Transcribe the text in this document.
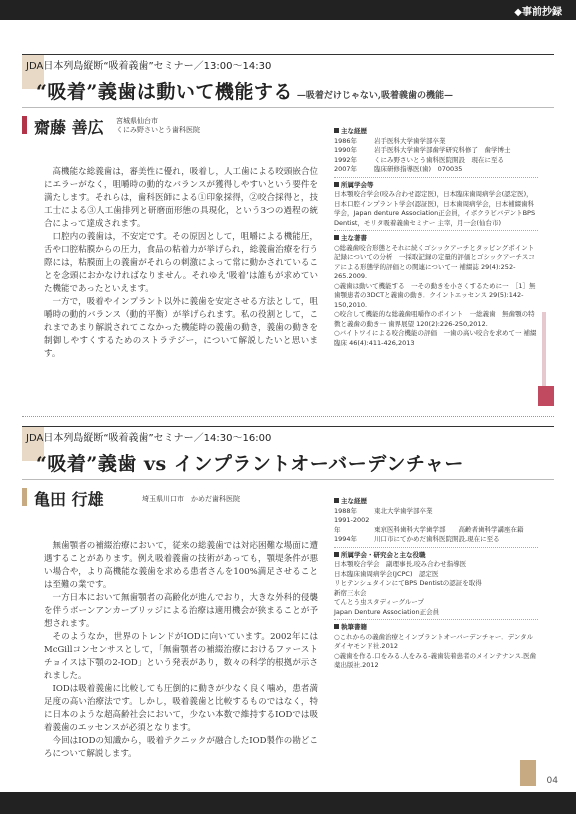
◆事前抄録
JDA日本列島縦断“吸着義歯”セミナー／13:00〜14:30
“吸着”義歯は動いて機能する —吸着だけじゃない,吸着義歯の機能—
齋藤 善広 宮城県仙台市
くにみ野さいとう歯科医院

高機能な総義歯は，審美性に優れ，吸着し，人工歯による咬頭嵌合位にエラーがなく，咀嚼時の動的なバランスが獲得しやすいという要件を満たします。それらは，歯科医師による①印象採得，②咬合採得と，技工士による③人工歯排列と研磨面形態の具現化，という3つの過程の統合によって達成されます。

口腔内の義歯は，不安定です。その原因として，咀嚼による機能圧，舌や口腔粘膜からの圧力，食品の粘着力が挙げられ，総義歯治療を行う際には，粘膜面上の義歯がそれらの刺激によって常に動かされていることを念頭におかなければなりません。それゆえ‘吸着’は誰もが求めていた機能であったといえます。

一方で，吸着やインプラント以外に義歯を安定させる方法として，咀嚼時の動的バランス（動的平衡）が挙げられます。私の役割として，これまであまり解説されてこなかった機能時の義歯の動き，義歯の動きを制御しやすくするためのストラテジー，について解説したいと思います。

主な経歴
1986年	岩手医科大学歯学部卒業
1990年	岩手医科大学歯学部歯学研究科修了　歯学博士
1992年	くにみ野さいとう歯科医院開設　現在に至る
2007年	臨床研修指導医(歯)　070035
所属学会等
日本顎咬合学会(咬み合わせ認定医)，日本臨床歯周病学会(認定医)，日本口腔インプラント学会(認証医)，日本歯周病学会，日本補綴歯科学会，Japan denture Association正会員，イボクラビバデントBPS Dentist，モリタ吸着義歯セミナー 主宰，月一会(仙台市)
主な著書
○総義歯咬合形態とそれに続くゴシックアーチとタッピングポイント記録についての分析　一採取記録の定量的評価とゴシックアーチスコアによる形態学的評価との関連について一 補綴誌 29(4):252-265.2009.
○義歯は動いて機能する　一その動きを小さくするために一　［1］無歯顎患者の3DCTと義歯の動き．クイントエッセンス 29(5):142-150,2010.
○咬合して機能的な総義歯咀嚼作のポイント　一総義歯　無歯顎の特徴と義歯の動き一 歯界展望 120(2):226-250,2012.
○バイトワイによる咬合機能の評価　一歯の高い咬合を求めて一 補綴臨床 46(4):411-426,2013
JDA日本列島縦断“吸着義歯”セミナー／14:30〜16:00
“吸着”義歯 vs インプラントオーバーデンチャー
亀田 行雄	埼玉県川口市　 かめだ歯科医院

無歯顎者の補綴治療において，従来の総義歯では対応困難な場面に遭遇することがあります。例え吸着義歯の技術があっても，顎堤条件が悪い場合や，より高機能な義歯を求める患者さんを100%満足させることは至難の業です。

一方日本において無歯顎者の高齢化が進んでおり，大きな外科的侵襲を伴うボーンアンカーブリッジによる治療は適用機会が狭まることが予想されます。

そのようなか，世界のトレンドがIODに向いています。2002年にはMcGillコンセンサスとして，「無歯顎者の補綴治療におけるファーストチョイスは下顎の2-IOD」という発表があり，数々の科学的根拠が示されました。

IODは吸着義歯に比較しても圧倒的に動きが少なく良く噛め，患者満足度の高い治療法です。しかし，吸着義歯と比較するものではなく，特に日本のような超高齢社会において，少ない本数で維持するIODでは吸着義歯のエッセンスが必須となります。

今回はIODの知識から，吸着テクニックが融合したIOD製作の勘どころについて解説します。

主な経歴
1988年	東北大学歯学部卒業
1991-2002年	東京医科歯科大学歯学部　　高齢者歯科学講座在籍
1994年	川口市にてかめだ歯科医院開設,現在に至る
所属学会・研究会と主な役職
日本顎咬合学会　副理事長,咬み合わせ指導医
日本臨床歯周病学会(JCPC)　認定医
リヒテンシュタインにてBPS Dentistの認証を取得
新宿三水会
てんとう虫スタディーグループ
Japan Denture Association正会員
執筆書籍
○これからの義歯治療とインプラントオーバーデンチャー．デンタルダイヤモンド社.2012
○義歯を作る.口をみる.人をみる-義歯装着患者のメインテナンス.医歯薬出版社.2012
04
